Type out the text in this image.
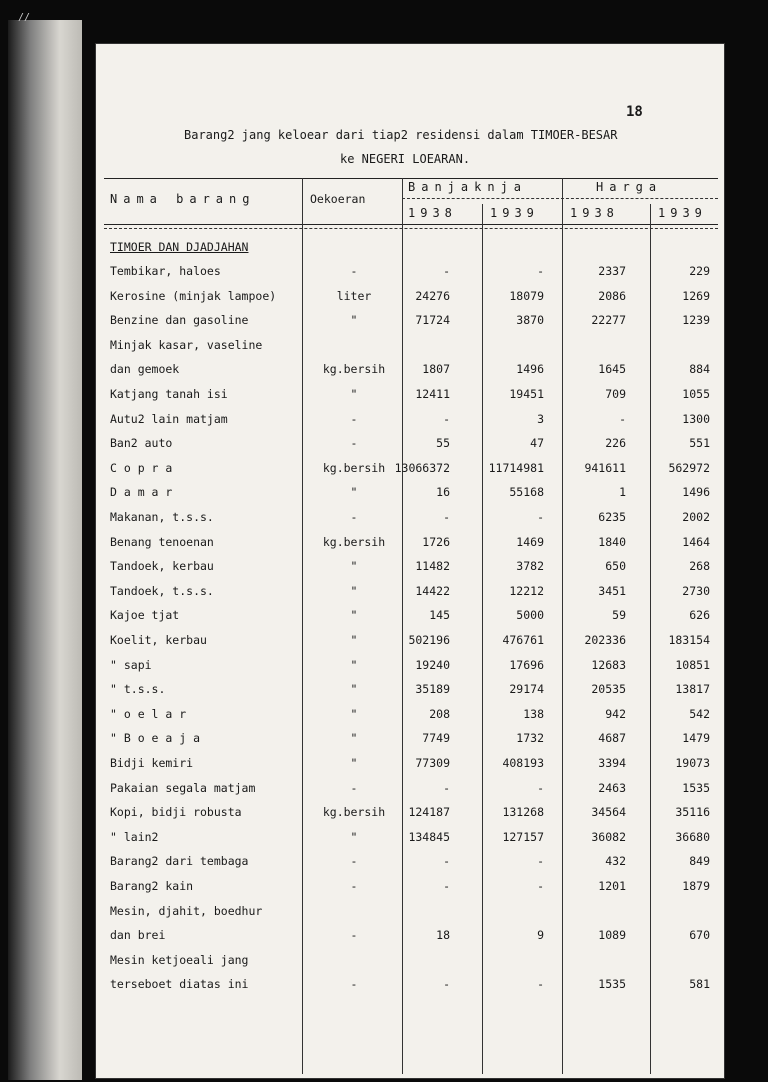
//
18
Barang2 jang keloear dari tiap2 residensi dalam TIMOER-BESAR
ke NEGERI LOEARAN.
Nama barang	Oekoeran
Banjaknja	Harga
1938	1939	1938	1939
TIMOER DAN DJADJAHAN
Tembikar, haloes	-	-	-	2337	229
Kerosine (minjak lampoe)	liter	24276	18079	2086	1269
Benzine dan gasoline	"	71724	3870	22277	1239
Minjak kasar, vaseline
dan gemoek	kg.bersih	1807	1496	1645	884
Katjang tanah isi	"	12411	19451	709	1055
Autu2 lain matjam	-	-	3	-	1300
Ban2 auto	-	55	47	226	551
C o p r a	kg.bersih 13066372	11714981	941611	562972
D a m a r	"	16	55168	1	1496
Makanan, t.s.s.	-	-	-	6235	2002
Benang tenoenan	kg.bersih	1726	1469	1840	1464
Tandoek, kerbau	"	11482	3782	650	268
Tandoek, t.s.s.	"	14422	12212	3451	2730
Kajoe tjat	"	145	5000	59	626
Koelit, kerbau	"	502196	476761	202336	183154
" sapi	"	19240	17696	12683	10851
" t.s.s.	"	35189	29174	20535	13817
" o e l a r	"	208	138	942	542
" B o e a j a	"	7749	1732	4687	1479
Bidji kemiri	"	77309	408193	3394	19073
Pakaian segala matjam	-	-	-	2463	1535
Kopi, bidji robusta	kg.bersih	124187	131268	34564	35116
" lain2	"	134845	127157	36082	36680
Barang2 dari tembaga	-	-	-	432	849
Barang2 kain	-	-	-	1201	1879
Mesin, djahit, boedhur
dan brei	-	18	9	1089	670
Mesin ketjoeali jang
terseboet diatas ini	-	-	-	1535	581
